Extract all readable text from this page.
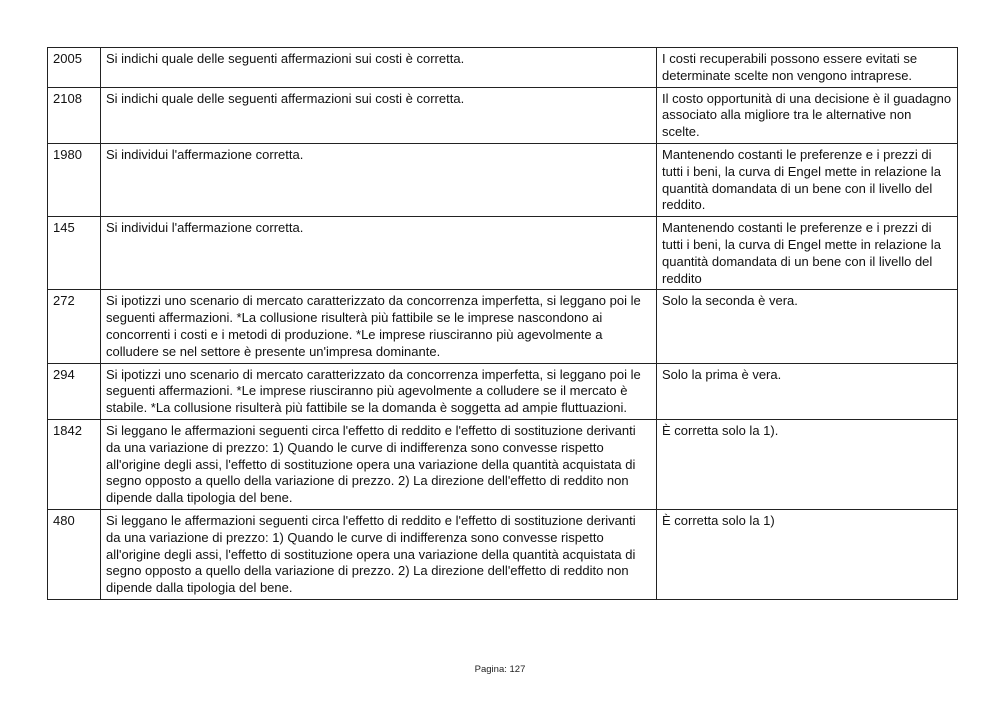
2005	Si indichi quale delle seguenti affermazioni sui costi è corretta.	I costi recuperabili possono essere evitati se determinate scelte non vengono intraprese.
2108	Si indichi quale delle seguenti affermazioni sui costi è corretta.	Il costo opportunità di una decisione è il guadagno associato alla migliore tra le alternative non scelte.
1980	Si individui l'affermazione corretta.	Mantenendo costanti le preferenze e i prezzi di tutti i beni, la curva di Engel mette in relazione la quantità domandata di un bene con il livello del reddito.
145	Si individui l'affermazione corretta.	Mantenendo costanti le preferenze e i prezzi di tutti i beni, la curva di Engel mette in relazione la quantità domandata di un bene con il livello del reddito
272	Si ipotizzi uno scenario di mercato caratterizzato da concorrenza imperfetta, si leggano poi le seguenti affermazioni. *La collusione risulterà più fattibile se le imprese nascondono ai concorrenti i costi e i metodi di produzione. *Le imprese riusciranno più agevolmente a colludere se nel settore è presente un'impresa dominante.	Solo la seconda è vera.
294	Si ipotizzi uno scenario di mercato caratterizzato da concorrenza imperfetta, si leggano poi le seguenti affermazioni. *Le imprese riusciranno più agevolmente a colludere se il mercato è stabile. *La collusione risulterà più fattibile se la domanda è soggetta ad ampie fluttuazioni.	Solo la prima è vera.
1842	Si leggano le affermazioni seguenti circa l'effetto di reddito e l'effetto di sostituzione derivanti da una variazione di prezzo: 1) Quando le curve di indifferenza sono convesse rispetto all'origine degli assi, l'effetto di sostituzione opera una variazione della quantità acquistata di segno opposto a quello della variazione di prezzo. 2) La direzione dell'effetto di reddito non dipende dalla tipologia del bene.	È corretta solo la 1).
480	Si leggano le affermazioni seguenti circa l'effetto di reddito e l'effetto di sostituzione derivanti da una variazione di prezzo: 1) Quando le curve di indifferenza sono convesse rispetto all'origine degli assi, l'effetto di sostituzione opera una variazione della quantità acquistata di segno opposto a quello della variazione di prezzo. 2) La direzione dell'effetto di reddito non dipende dalla tipologia del bene.	È corretta solo la 1)
Pagina: 127
